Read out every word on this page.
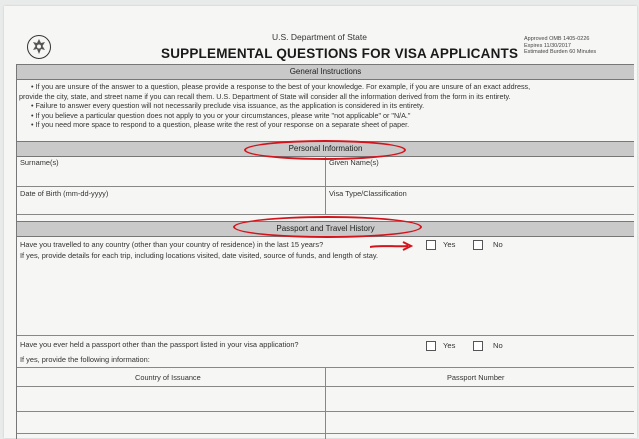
U.S. Department of State
SUPPLEMENTAL QUESTIONS FOR VISA APPLICANTS
Approved OMB 1405-0226
Expires 11/30/2017
Estimated Burden 60 Minutes
General Instructions
• If you are unsure of the answer to a question, please provide a response to the best of your knowledge. For example, if you are unsure of an exact address,
provide the city, state, and street name if you can recall them. U.S. Department of State will consider all the information derived from the form in its entirety.
• Failure to answer every question will not necessarily preclude visa issuance, as the application is considered in its entirety.
• If you believe a particular question does not apply to you or your circumstances, please write "not applicable" or "N/A."
• If you need more space to respond to a question, please write the rest of your response on a separate sheet of paper.
Personal Information
Surname(s)	Given Name(s)
Date of Birth (mm-dd-yyyy)	Visa Type/Classification
Passport and Travel History
Have you travelled to any country (other than your country of residence) in the last 15 years?	Yes	No
If yes, provide details for each trip, including locations visited, date visited, source of funds, and length of stay.
Have you ever held a passport other than the passport listed in your visa application?	Yes	No
If yes, provide the following information:
Country of Issuance	Passport Number
